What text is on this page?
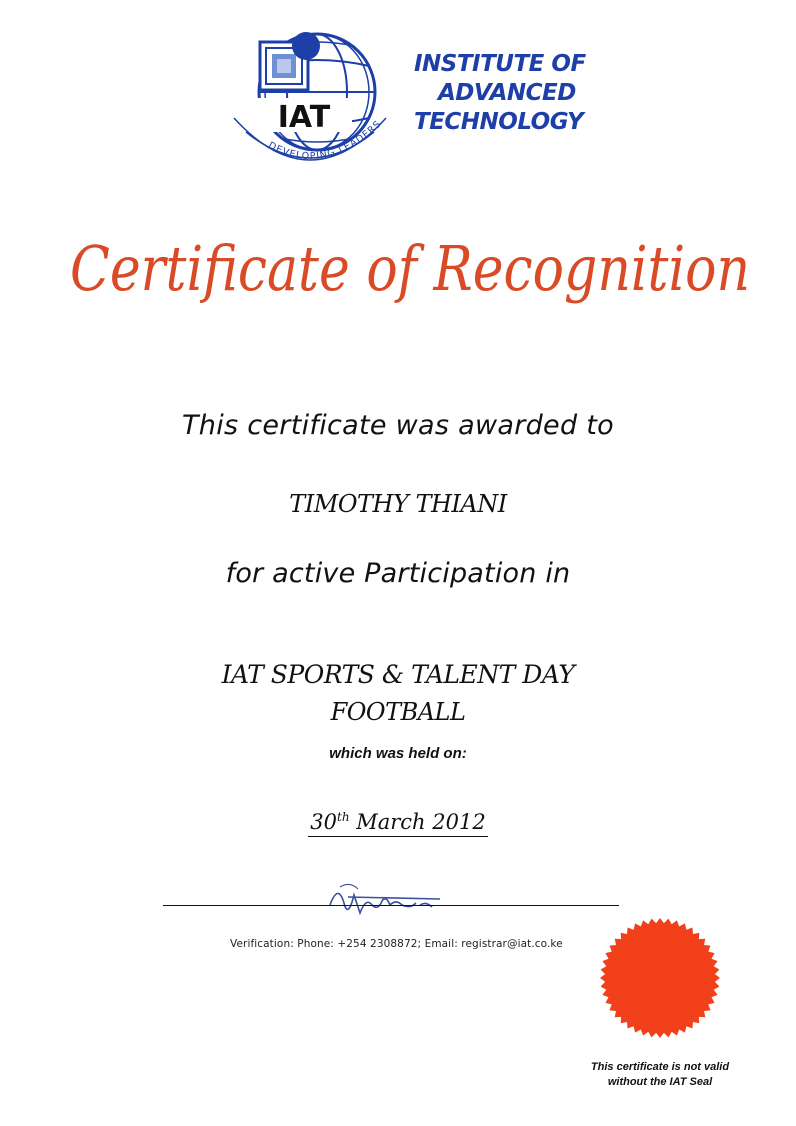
IAT
DEVELOPING LEADERS
INSTITUTE OF
ADVANCED
TECHNOLOGY
Certificate of Recognition
This certificate was awarded to
TIMOTHY THIANI
for active Participation in
IAT SPORTS & TALENT DAY
FOOTBALL
which was held on:
30th March 2012
Verification: Phone: +254 2308872; Email: registrar@iat.co.ke
This certificate is not valid
without the IAT Seal
